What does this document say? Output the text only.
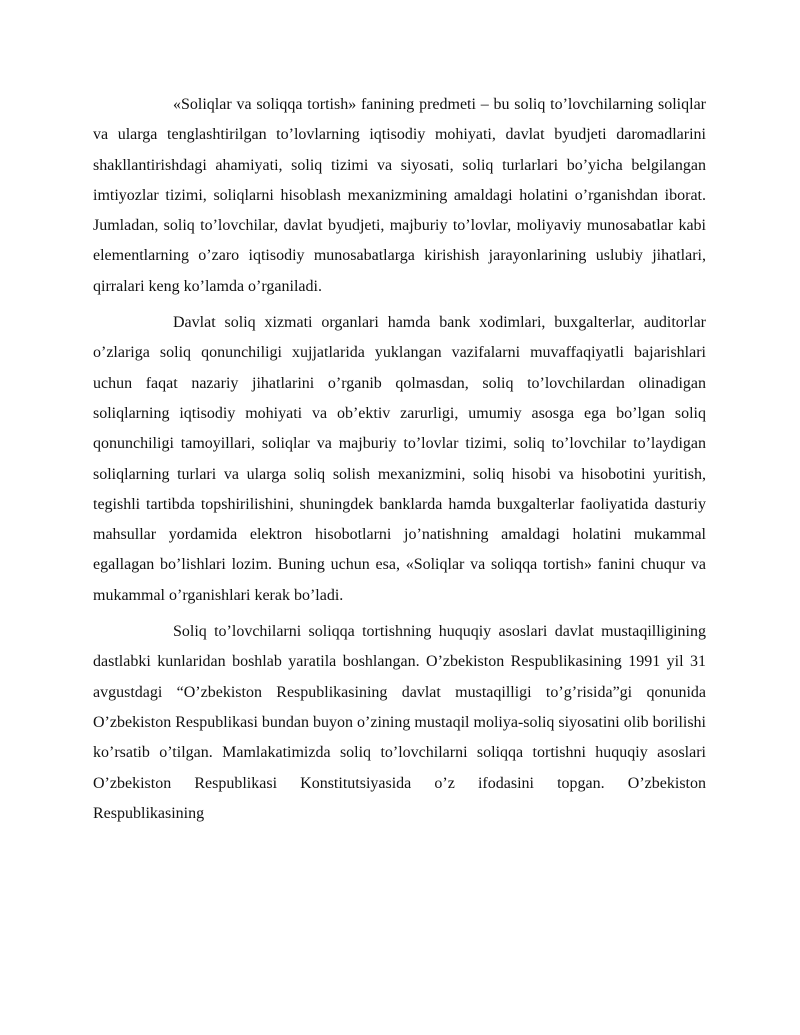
«Soliqlar va soliqqa tortish» fanining predmeti – bu soliq to’lovchilarning soliqlar va ularga tenglashtirilgan to’lovlarning iqtisodiy mohiyati, davlat byudjeti daromadlarini shakllantirishdagi ahamiyati, soliq tizimi va siyosati, soliq turlarlari bo’yicha belgilangan imtiyozlar tizimi, soliqlarni hisoblash mexanizmining amaldagi holatini o’rganishdan iborat. Jumladan, soliq to’lovchilar, davlat byudjeti, majburiy to’lovlar, moliyaviy munosabatlar kabi elementlarning o’zaro iqtisodiy munosabatlarga kirishish jarayonlarining uslubiy jihatlari, qirralari keng ko’lamda o’rganiladi.

Davlat soliq xizmati organlari hamda bank xodimlari, buxgalterlar, auditorlar o’zlariga soliq qonunchiligi xujjatlarida yuklangan vazifalarni muvaffaqiyatli bajarishlari uchun faqat nazariy jihatlarini o’rganib qolmasdan, soliq to’lovchilardan olinadigan soliqlarning iqtisodiy mohiyati va ob’ektiv zarurligi, umumiy asosga ega bo’lgan soliq qonunchiligi tamoyillari, soliqlar va majburiy to’lovlar tizimi, soliq to’lovchilar to’laydigan soliqlarning turlari va ularga soliq solish mexanizmini, soliq hisobi va hisobotini yuritish, tegishli tartibda topshirilishini, shuningdek banklarda hamda buxgalterlar faoliyatida dasturiy mahsullar yordamida elektron hisobotlarni jo’natishning amaldagi holatini mukammal egallagan bo’lishlari lozim. Buning uchun esa, «Soliqlar va soliqqa tortish» fanini chuqur va mukammal o’rganishlari kerak bo’ladi.

Soliq to’lovchilarni soliqqa tortishning huquqiy asoslari davlat mustaqilligining dastlabki kunlaridan boshlab yaratila boshlangan. O’zbekiston Respublikasining 1991 yil 31 avgustdagi “O’zbekiston Respublikasining davlat mustaqilligi to’g’risida”gi qonunida O’zbekiston Respublikasi bundan buyon o’zining mustaqil moliya-soliq siyosatini olib borilishi ko’rsatib o’tilgan. Mamlakatimizda soliq to’lovchilarni soliqqa tortishni huquqiy asoslari O’zbekiston Respublikasi Konstitutsiyasida o’z ifodasini topgan. O’zbekiston Respublikasining
